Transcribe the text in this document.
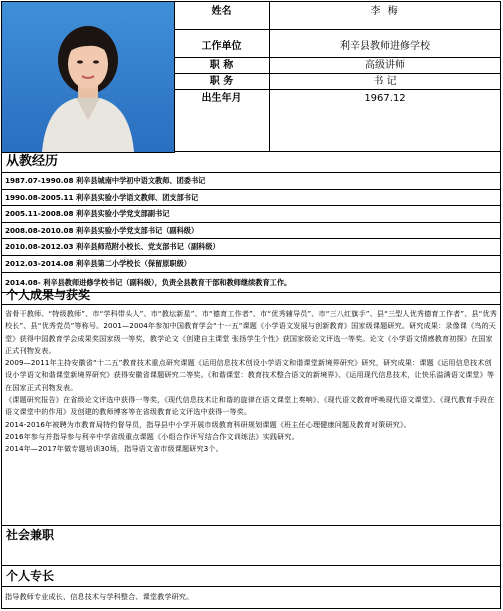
姓名	李 梅
工作单位	利辛县教师进修学校
职 称	高级讲师
职 务	书 记
出生年月	1967.12
从教经历
1987.07-1990.08 利辛县城南中学初中语文教师、团委书记
1990.08-2005.11 利辛县实验小学语文教师、团支部书记
2005.11-2008.08 利辛县实验小学党支部副书记
2008.08-2010.08 利辛县实验小学党支部书记（副科级）
2010.08-2012.03 利辛县师范附小校长、党支部书记（副科级）
2012.03-2014.08 利辛县第二小学校长（保留原职级）
2014.08- 利辛县教师进修学校书记（副科级），负责全县教育干部和教师继续教育工作。
个人成果与获奖
省骨干教师、“特级教师”、市“学科带头人”、市“教坛新星”、市“德育工作者”、市“优秀辅导员”、市“三八红旗手”、县“三型人优秀德育工作者”、县“优秀校长”、县“优秀党员”等称号。2001—2004年参加中国教育学会“十一五”课题《小学语文发展与创新教育》国家级课题研究。研究成果：录像课《鸟的天堂》获得中国教育学会成果奖国家级一等奖，教学论文《创建自主课堂 张扬学生个性》获国家级论文评选一等奖。论文《小学语文情感教育初探》在国家正式刊物发表。
2009—2011年主持安徽省“十二五”教育技术重点研究课题《运用信息技术创设小学语文和谐课堂新境界研究》研究，研究成果：课题《运用信息技术创设小学语文和谐课堂新境界研究》获得安徽省课题研究二等奖。《和谐课堂：教育技术整合语文的新境界》、《运用现代信息技术，让快乐溢满语文课堂》等在国家正式刊物发表。
《课题研究报告》在省级论文评选中获得一等奖，《现代信息技术让和谐的旋律在语文课堂上奏响》、《现代语文教育呼唤现代语文课堂》、《现代教育手段在语文课堂中的作用》及创建的教师博客等在省级教育论文评选中获得一等奖。
2014-2016年被聘为市教育局特约督导员，指导县中小学开展市级教育科研规划课题《班主任心理健康问题及教育对策研究》。
2016年参与并指导参与利辛中学省级重点课题《小组合作评写结合作文训练法》实践研究。
2014年—2017年做专题培训30场，指导语文省市级课题研究3个。
社会兼职
个人专长
指导教师专业成长、信息技术与学科整合、课堂教学研究。
